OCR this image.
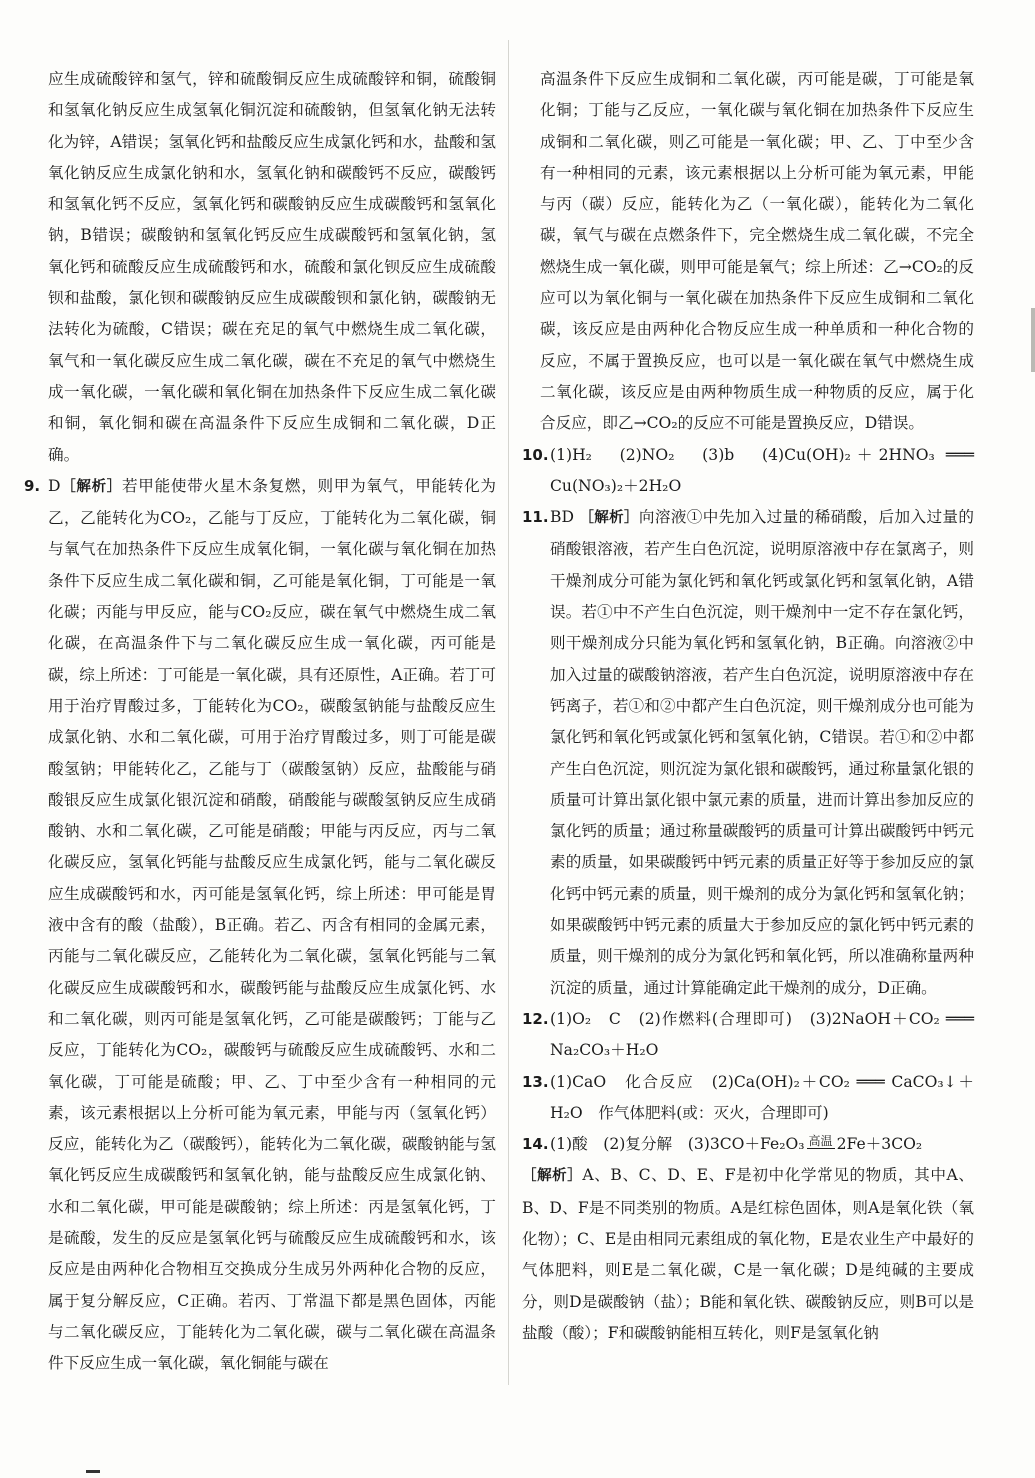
应生成硫酸锌和氢气，锌和硫酸铜反应生成硫酸锌和铜，硫酸铜和氢氧化钠反应生成氢氧化铜沉淀和硫酸钠，但氢氧化钠无法转化为锌，A错误；氢氧化钙和盐酸反应生成氯化钙和水，盐酸和氢氧化钠反应生成氯化钠和水，氢氧化钠和碳酸钙不反应，碳酸钙和氢氧化钙不反应，氢氧化钙和碳酸钠反应生成碳酸钙和氢氧化钠，B错误；碳酸钠和氢氧化钙反应生成碳酸钙和氢氧化钠，氢氧化钙和硫酸反应生成硫酸钙和水，硫酸和氯化钡反应生成硫酸钡和盐酸，氯化钡和碳酸钠反应生成碳酸钡和氯化钠，碳酸钠无法转化为硫酸，C错误；碳在充足的氧气中燃烧生成二氧化碳，氧气和一氧化碳反应生成二氧化碳，碳在不充足的氧气中燃烧生成一氧化碳，一氧化碳和氧化铜在加热条件下反应生成二氧化碳和铜，氧化铜和碳在高温条件下反应生成铜和二氧化碳，D正确。

9. D［解析］若甲能使带火星木条复燃，则甲为氧气，甲能转化为乙，乙能转化为CO₂，乙能与丁反应，丁能转化为二氧化碳，铜与氧气在加热条件下反应生成氧化铜，一氧化碳与氧化铜在加热条件下反应生成二氧化碳和铜，乙可能是氧化铜，丁可能是一氧化碳；丙能与甲反应，能与CO₂反应，碳在氧气中燃烧生成二氧化碳，在高温条件下与二氧化碳反应生成一氧化碳，丙可能是碳，综上所述：丁可能是一氧化碳，具有还原性，A正确。若丁可用于治疗胃酸过多，丁能转化为CO₂，碳酸氢钠能与盐酸反应生成氯化钠、水和二氧化碳，可用于治疗胃酸过多，则丁可能是碳酸氢钠；甲能转化乙，乙能与丁（碳酸氢钠）反应，盐酸能与硝酸银反应生成氯化银沉淀和硝酸，硝酸能与碳酸氢钠反应生成硝酸钠、水和二氧化碳，乙可能是硝酸；甲能与丙反应，丙与二氧化碳反应，氢氧化钙能与盐酸反应生成氯化钙，能与二氧化碳反应生成碳酸钙和水，丙可能是氢氧化钙，综上所述：甲可能是胃液中含有的酸（盐酸），B正确。若乙、丙含有相同的金属元素，丙能与二氧化碳反应，乙能转化为二氧化碳，氢氧化钙能与二氧化碳反应生成碳酸钙和水，碳酸钙能与盐酸反应生成氯化钙、水和二氧化碳，则丙可能是氢氧化钙，乙可能是碳酸钙；丁能与乙反应，丁能转化为CO₂，碳酸钙与硫酸反应生成硫酸钙、水和二氧化碳，丁可能是硫酸；甲、乙、丁中至少含有一种相同的元素，该元素根据以上分析可能为氧元素，甲能与丙（氢氧化钙）反应，能转化为乙（碳酸钙），能转化为二氧化碳，碳酸钠能与氢氧化钙反应生成碳酸钙和氢氧化钠，能与盐酸反应生成氯化钠、水和二氧化碳，甲可能是碳酸钠；综上所述：丙是氢氧化钙，丁是硫酸，发生的反应是氢氧化钙与硫酸反应生成硫酸钙和水，该反应是由两种化合物相互交换成分生成另外两种化合物的反应，属于复分解反应，C正确。若丙、丁常温下都是黑色固体，丙能与二氧化碳反应，丁能转化为二氧化碳，碳与二氧化碳在高温条件下反应生成一氧化碳，氧化铜能与碳在

高温条件下反应生成铜和二氧化碳，丙可能是碳，丁可能是氧化铜；丁能与乙反应，一氧化碳与氧化铜在加热条件下反应生成铜和二氧化碳，则乙可能是一氧化碳；甲、乙、丁中至少含有一种相同的元素，该元素根据以上分析可能为氧元素，甲能与丙（碳）反应，能转化为乙（一氧化碳），能转化为二氧化碳，氧气与碳在点燃条件下，完全燃烧生成二氧化碳，不完全燃烧生成一氧化碳，则甲可能是氧气；综上所述：乙→CO₂的反应可以为氧化铜与一氧化碳在加热条件下反应生成铜和二氧化碳，该反应是由两种化合物反应生成一种单质和一种化合物的反应，不属于置换反应，也可以是一氧化碳在氧气中燃烧生成二氧化碳，该反应是由两种物质生成一种物质的反应，属于化合反应，即乙→CO₂的反应不可能是置换反应，D错误。

10. (1)H₂　(2)NO₂　(3)b　(4)Cu(OH)₂＋2HNO₃ ═══ Cu(NO₃)₂＋2H₂O

11. BD ［解析］向溶液①中先加入过量的稀硝酸，后加入过量的硝酸银溶液，若产生白色沉淀，说明原溶液中存在氯离子，则干燥剂成分可能为氯化钙和氧化钙或氯化钙和氢氧化钠，A错误。若①中不产生白色沉淀，则干燥剂中一定不存在氯化钙，则干燥剂成分只能为氧化钙和氢氧化钠，B正确。向溶液②中加入过量的碳酸钠溶液，若产生白色沉淀，说明原溶液中存在钙离子，若①和②中都产生白色沉淀，则干燥剂成分也可能为氯化钙和氧化钙或氯化钙和氢氧化钠，C错误。若①和②中都产生白色沉淀，则沉淀为氯化银和碳酸钙，通过称量氯化银的质量可计算出氯化银中氯元素的质量，进而计算出参加反应的氯化钙的质量；通过称量碳酸钙的质量可计算出碳酸钙中钙元素的质量，如果碳酸钙中钙元素的质量正好等于参加反应的氯化钙中钙元素的质量，则干燥剂的成分为氯化钙和氢氧化钠；如果碳酸钙中钙元素的质量大于参加反应的氯化钙中钙元素的质量，则干燥剂的成分为氯化钙和氧化钙，所以准确称量两种沉淀的质量，通过计算能确定此干燥剂的成分，D正确。

12. (1)O₂　C　(2)作燃料(合理即可)　(3)2NaOH＋CO₂ ═══ Na₂CO₃＋H₂O

13. (1)CaO　化合反应　(2)Ca(OH)₂＋CO₂ ═══ CaCO₃↓＋H₂O　作气体肥料(或：灭火，合理即可)

14. (1)酸　(2)复分解　(3)3CO＋Fe₂O₃ 高温 2Fe＋3CO₂

［解析］A、B、C、D、E、F是初中化学常见的物质，其中A、B、D、F是不同类别的物质。A是红棕色固体，则A是氧化铁（氧化物）；C、E是由相同元素组成的氧化物，E是农业生产中最好的气体肥料，则E是二氧化碳，C是一氧化碳；D是纯碱的主要成分，则D是碳酸钠（盐）；B能和氧化铁、碳酸钠反应，则B可以是盐酸（酸）；F和碳酸钠能相互转化，则F是氢氧化钠
